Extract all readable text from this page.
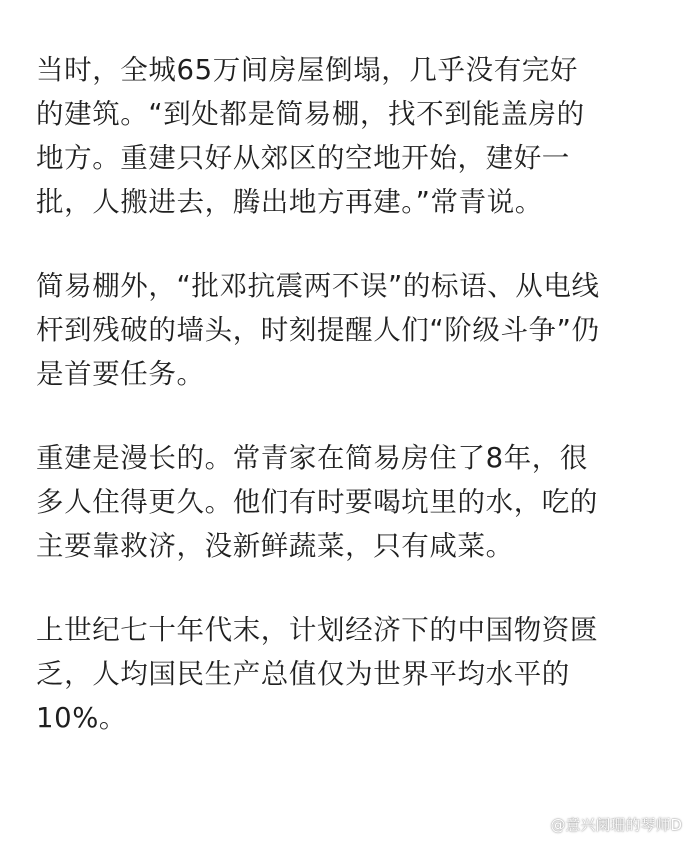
当时，全城65万间房屋倒塌，几乎没有完好
的建筑。“到处都是简易棚，找不到能盖房的
地方。重建只好从郊区的空地开始，建好一
批，人搬进去，腾出地方再建。”常青说。

简易棚外，“批邓抗震两不误”的标语、从电线
杆到残破的墙头，时刻提醒人们“阶级斗争”仍
是首要任务。

重建是漫长的。常青家在简易房住了8年，很
多人住得更久。他们有时要喝坑里的水，吃的
主要靠救济，没新鲜蔬菜，只有咸菜。

上世纪七十年代末，计划经济下的中国物资匮
乏，人均国民生产总值仅为世界平均水平的
10%。

@意兴阑珊的琴师D
